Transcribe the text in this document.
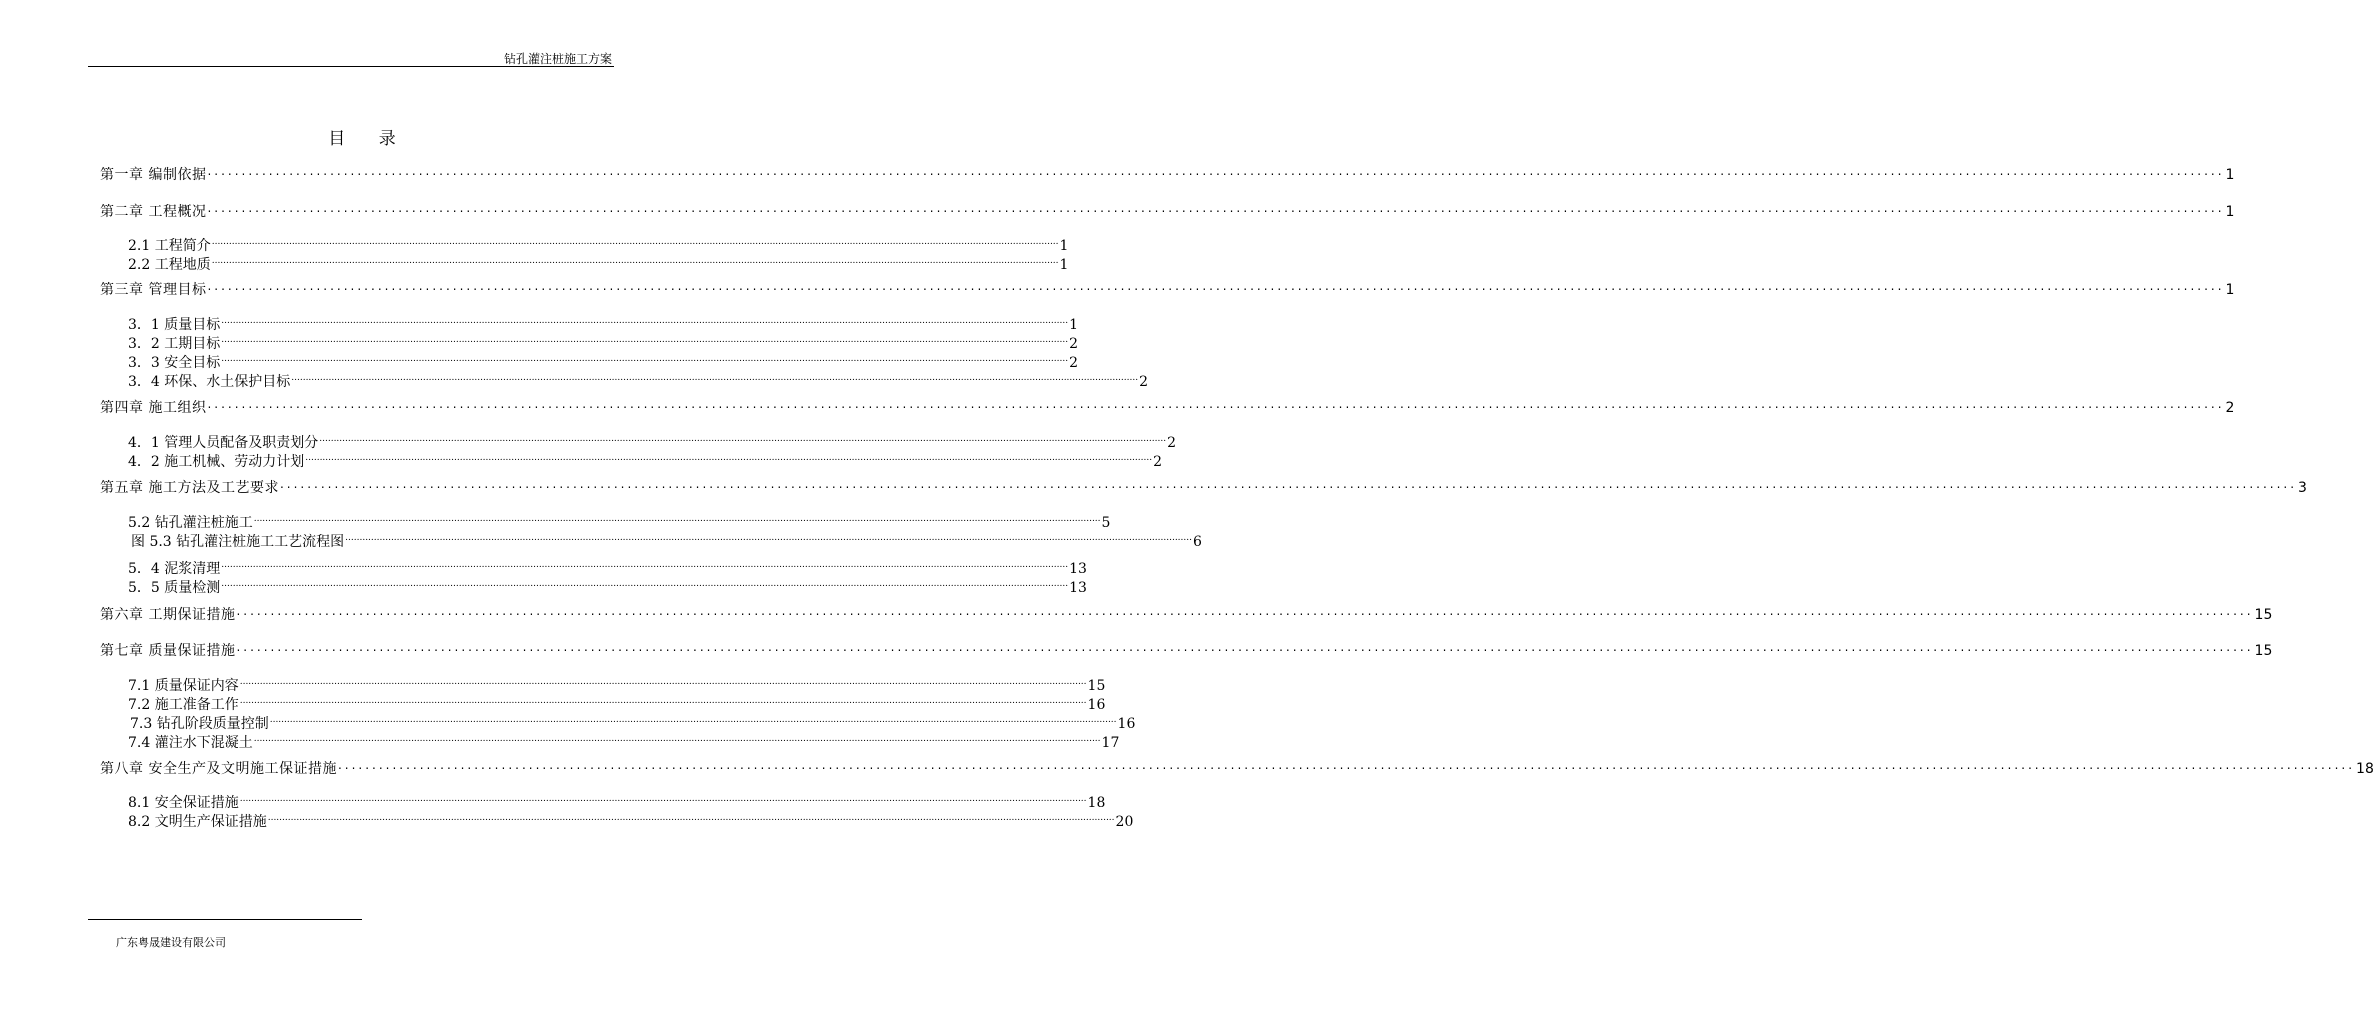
钻孔灌注桩施工方案
目 录
第一章 编制依据 ........................................................................................................................................................................................................................................................................................................ 1
第二章 工程概况 ........................................................................................................................................................................................................................................................................................................ 1
2.1 工程简介 ........................................................................................................................................................................................................................................................................................................ 1
2.2 工程地质 ........................................................................................................................................................................................................................................................................................................ 1
第三章 管理目标 ........................................................................................................................................................................................................................................................................................................ 1
3．1 质量目标 ........................................................................................................................................................................................................................................................................................................ 1
3．2 工期目标 ........................................................................................................................................................................................................................................................................................................ 2
3．3 安全目标 ........................................................................................................................................................................................................................................................................................................ 2
3．4 环保、水土保护目标 ........................................................................................................................................................................................................................................................................................................ 2
第四章 施工组织 ........................................................................................................................................................................................................................................................................................................ 2
4．1 管理人员配备及职责划分 ........................................................................................................................................................................................................................................................................................................ 2
4．2 施工机械、劳动力计划 ........................................................................................................................................................................................................................................................................................................ 2
第五章 施工方法及工艺要求 ........................................................................................................................................................................................................................................................................................................ 3
5.2 钻孔灌注桩施工 ........................................................................................................................................................................................................................................................................................................ 5
图 5.3 钻孔灌注桩施工工艺流程图 ........................................................................................................................................................................................................................................................................................................ 6
5．4 泥浆清理 ........................................................................................................................................................................................................................................................................................................ 13
5．5 质量检测 ........................................................................................................................................................................................................................................................................................................ 13
第六章 工期保证措施 ........................................................................................................................................................................................................................................................................................................ 15
第七章 质量保证措施 ........................................................................................................................................................................................................................................................................................................ 15
7.1 质量保证内容 ........................................................................................................................................................................................................................................................................................................ 15
7.2 施工准备工作 ........................................................................................................................................................................................................................................................................................................ 16
7.3 钻孔阶段质量控制 ........................................................................................................................................................................................................................................................................................................ 16
7.4 灌注水下混凝土 ........................................................................................................................................................................................................................................................................................................ 17
第八章 安全生产及文明施工保证措施 ........................................................................................................................................................................................................................................................................................................ 18
8.1 安全保证措施 ........................................................................................................................................................................................................................................................................................................ 18
8.2 文明生产保证措施 ........................................................................................................................................................................................................................................................................................................ 20
广东粤晟建设有限公司
